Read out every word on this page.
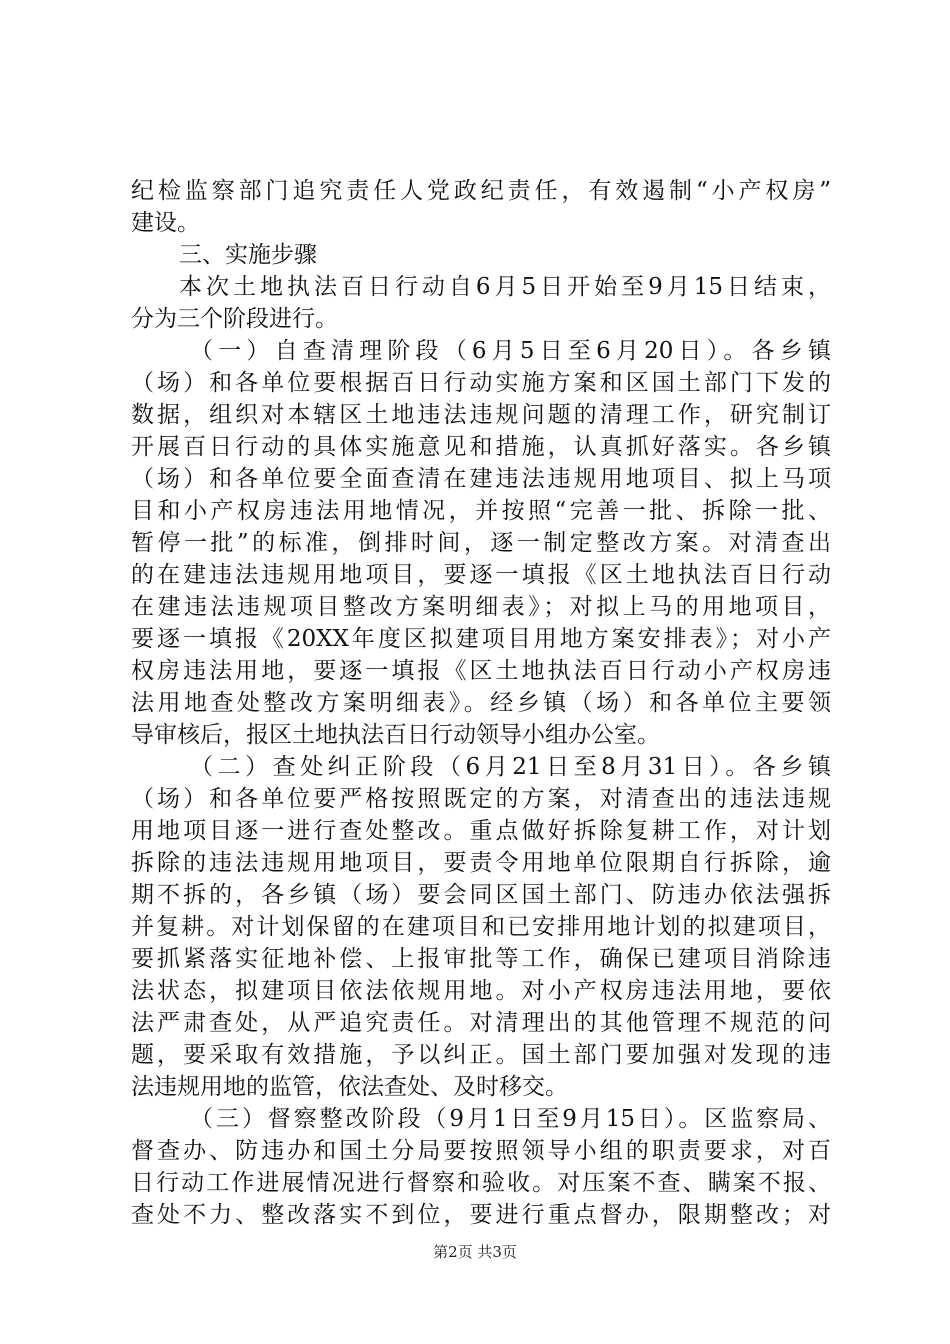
纪检监察部门追究责任人党政纪责任，有效遏制“小产权房”
建设。
三、实施步骤
本次土地执法百日行动自6月5日开始至9月15日结束，
分为三个阶段进行。
（一）自查清理阶段（6月5日至6月20日）。各乡镇
（场）和各单位要根据百日行动实施方案和区国土部门下发的
数据，组织对本辖区土地违法违规问题的清理工作，研究制订
开展百日行动的具体实施意见和措施，认真抓好落实。各乡镇
（场）和各单位要全面查清在建违法违规用地项目、拟上马项
目和小产权房违法用地情况，并按照“完善一批、拆除一批、
暂停一批”的标准，倒排时间，逐一制定整改方案。对清查出
的在建违法违规用地项目，要逐一填报《区土地执法百日行动
在建违法违规项目整改方案明细表》；对拟上马的用地项目，
要逐一填报《20XX年度区拟建项目用地方案安排表》；对小产
权房违法用地，要逐一填报《区土地执法百日行动小产权房违
法用地查处整改方案明细表》。经乡镇（场）和各单位主要领
导审核后，报区土地执法百日行动领导小组办公室。
（二）查处纠正阶段（6月21日至8月31日）。各乡镇
（场）和各单位要严格按照既定的方案，对清查出的违法违规
用地项目逐一进行查处整改。重点做好拆除复耕工作，对计划
拆除的违法违规用地项目，要责令用地单位限期自行拆除，逾
期不拆的，各乡镇（场）要会同区国土部门、防违办依法强拆
并复耕。对计划保留的在建项目和已安排用地计划的拟建项目，
要抓紧落实征地补偿、上报审批等工作，确保已建项目消除违
法状态，拟建项目依法依规用地。对小产权房违法用地，要依
法严肃查处，从严追究责任。对清理出的其他管理不规范的问
题，要采取有效措施，予以纠正。国土部门要加强对发现的违
法违规用地的监管，依法查处、及时移交。
（三）督察整改阶段（9月1日至9月15日）。区监察局、
督查办、防违办和国土分局要按照领导小组的职责要求，对百
日行动工作进展情况进行督察和验收。对压案不查、瞒案不报、
查处不力、整改落实不到位，要进行重点督办，限期整改；对
第2页 共3页
